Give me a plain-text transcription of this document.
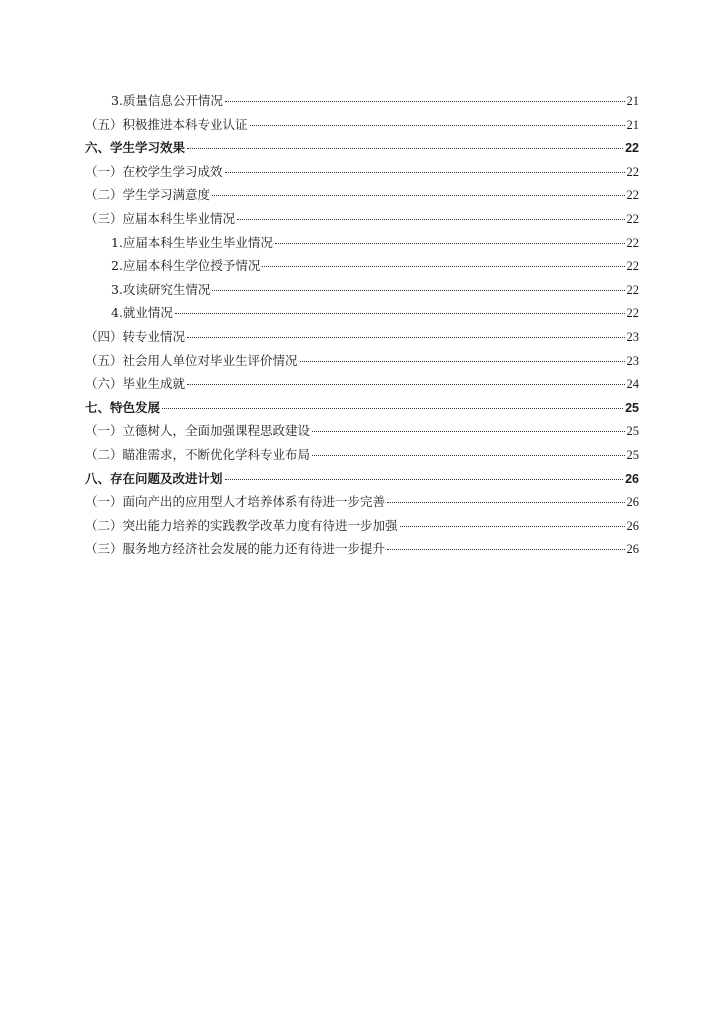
3.质量信息公开情况	21
（五）积极推进本科专业认证	21
六、学生学习效果	22
（一）在校学生学习成效	22
（二）学生学习满意度	22
（三）应届本科生毕业情况	22
1.应届本科生毕业生毕业情况	22
2.应届本科生学位授予情况	22
3.攻读研究生情况	22
4.就业情况	22
（四）转专业情况	23
（五）社会用人单位对毕业生评价情况	23
（六）毕业生成就	24
七、特色发展	25
（一）立德树人，全面加强课程思政建设	25
（二）瞄准需求，不断优化学科专业布局	25
八、存在问题及改进计划	26
（一）面向产出的应用型人才培养体系有待进一步完善	26
（二）突出能力培养的实践教学改革力度有待进一步加强	26
（三）服务地方经济社会发展的能力还有待进一步提升	26
